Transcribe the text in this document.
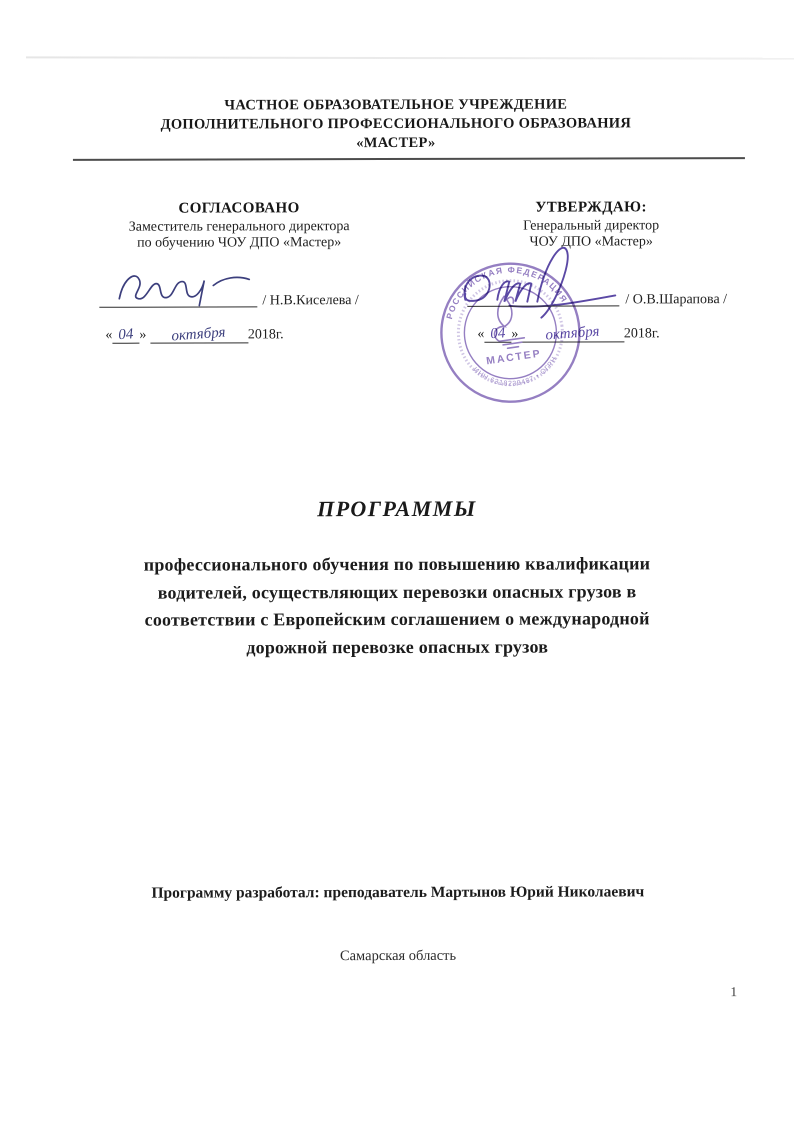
ЧАСТНОЕ ОБРАЗОВАТЕЛЬНОЕ УЧРЕЖДЕНИЕ
ДОПОЛНИТЕЛЬНОГО ПРОФЕССИОНАЛЬНОГО ОБРАЗОВАНИЯ
«МАСТЕР»
СОГЛАСОВАНО
Заместитель генерального директора
по обучению ЧОУ ДПО «Мастер»
/ Н.В.Киселева /
« 04 » октября 2018г.
УТВЕРЖДАЮ:
Генеральный директор
ЧОУ ДПО «Мастер»
/ О.В.Шарапова /
« 04 » октября 2018г.
РОССИЙСКАЯ ФЕДЕРАЦИЯ
ИНН 6318239487 • ОГРН
МАСТЕР
ПРОГРАММЫ
профессионального обучения по повышению квалификации
водителей, осуществляющих перевозки опасных грузов в
соответствии с Европейским соглашением о международной
дорожной перевозке опасных грузов
Программу разработал: преподаватель Мартынов Юрий Николаевич
Самарская область
1
